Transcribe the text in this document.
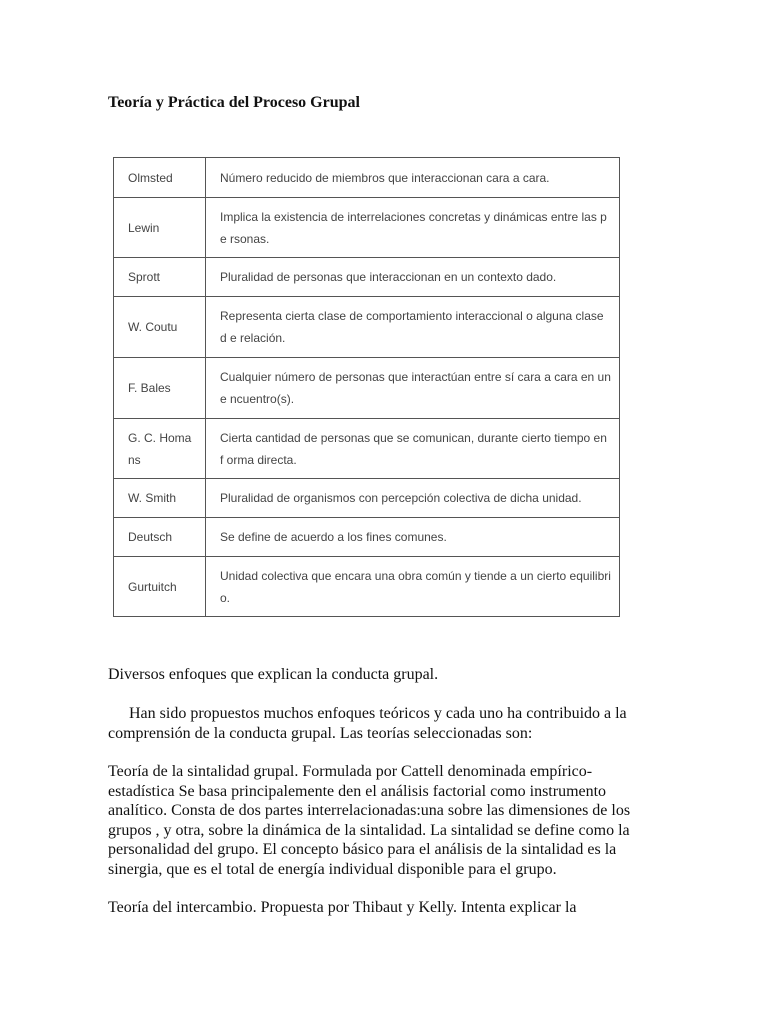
Teoría y Práctica del Proceso Grupal
Olmsted	Número reducido de miembros que interaccionan cara a cara.
Lewin	Implica la existencia de interrelaciones concretas y dinámicas entre las pe rsonas.
Sprott	Pluralidad de personas que interaccionan en un contexto dado.
W. Coutu	Representa cierta clase de comportamiento interaccional o alguna clase d e relación.
F. Bales	Cualquier número de personas que interactúan entre sí cara a cara en un e ncuentro(s).
G. C. Homa ns	Cierta cantidad de personas que se comunican, durante cierto tiempo en f orma directa.
W. Smith	Pluralidad de organismos con percepción colectiva de dicha unidad.
Deutsch	Se define de acuerdo a los fines comunes.
Gurtuitch	Unidad colectiva que encara una obra común y tiende a un cierto equilibri o.
Diversos enfoques que explican la conducta grupal.
Han sido propuestos muchos enfoques teóricos y cada uno ha contribuido a la comprensión de la conducta grupal. Las teorías seleccionadas son:
Teoría de la sintalidad grupal. Formulada por Cattell denominada empírico-estadística Se basa principalemente den el análisis factorial como instrumento analítico. Consta de dos partes interrelacionadas:una sobre las dimensiones de los grupos , y otra, sobre la dinámica de la sintalidad. La sintalidad se define como la personalidad del grupo. El concepto básico para el análisis de la sintalidad es la sinergia, que es el total de energía individual disponible para el grupo.
Teoría del intercambio. Propuesta por Thibaut y Kelly. Intenta explicar la
